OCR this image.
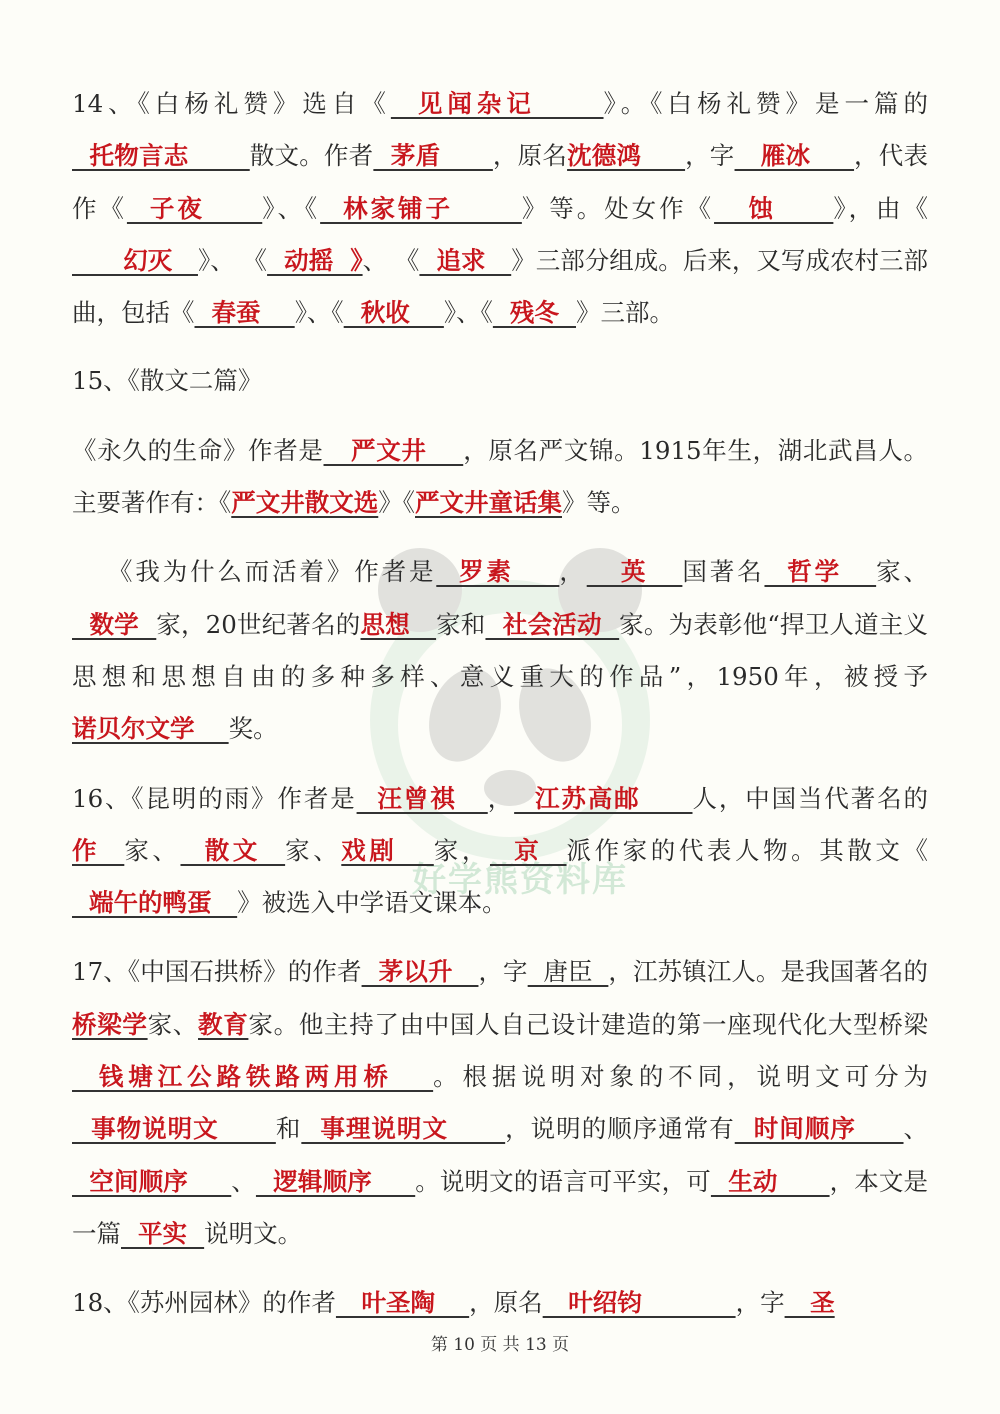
好学熊资料库

14、《白杨礼赞》选自《  见闻杂记     》。《白杨礼赞》是一篇的  托物言志       散文。作者  茅盾      ，原名沈德鸿     ，字   雁冰     ，代表作《  子夜     》、《  林家铺子      》等。处女作《   蚀     》，由《      幻灭   》、 《  动摇  》、 《  追求   》三部分组成。后来，又写成农村三部曲，包括《  春蚕    》、《  秋收    》、《  残冬  》三部。

15、《散文二篇》

《永久的生命》作者是   严文井    ，原名严文锦。1915年生，湖北武昌人。主要著作有：《严文井散文选》《严文井童话集》等。

《我为什么而活着》作者是  罗素    ，   英   国著名  哲学   家、  数学  家，20世纪著名的思想   家和  社会活动  家。为表彰他“捍卫人道主义思想和思想自由的多种多样、意义重大的作品”，1950年，被授予诺贝尔文学    奖。

16、《昆明的雨》作者是  汪曾祺   ，  江苏高邮     人，中国当代著名的作  家、  散文  家、戏剧   家，  京  派作家的代表人物。其散文《  端午的鸭蛋   》被选入中学语文课本。

17、《中国石拱桥》的作者  茅以升   ，字  唐臣  ，江苏镇江人。是我国著名的桥梁学家、教育家。他主持了由中国人自己设计建造的第一座现代化大型桥梁  钱塘江公路铁路两用桥   。根据说明对象的不同，说明文可分为  事物说明文      和  事理说明文      ，说明的顺序通常有  时间顺序     、  空间顺序     、  逻辑顺序     。说明文的语言可平实，可  生动      ，本文是一篇  平实  说明文。

18、《苏州园林》的作者   叶圣陶    ，原名   叶绍钧           ，字   圣

第 10 页 共 13 页
